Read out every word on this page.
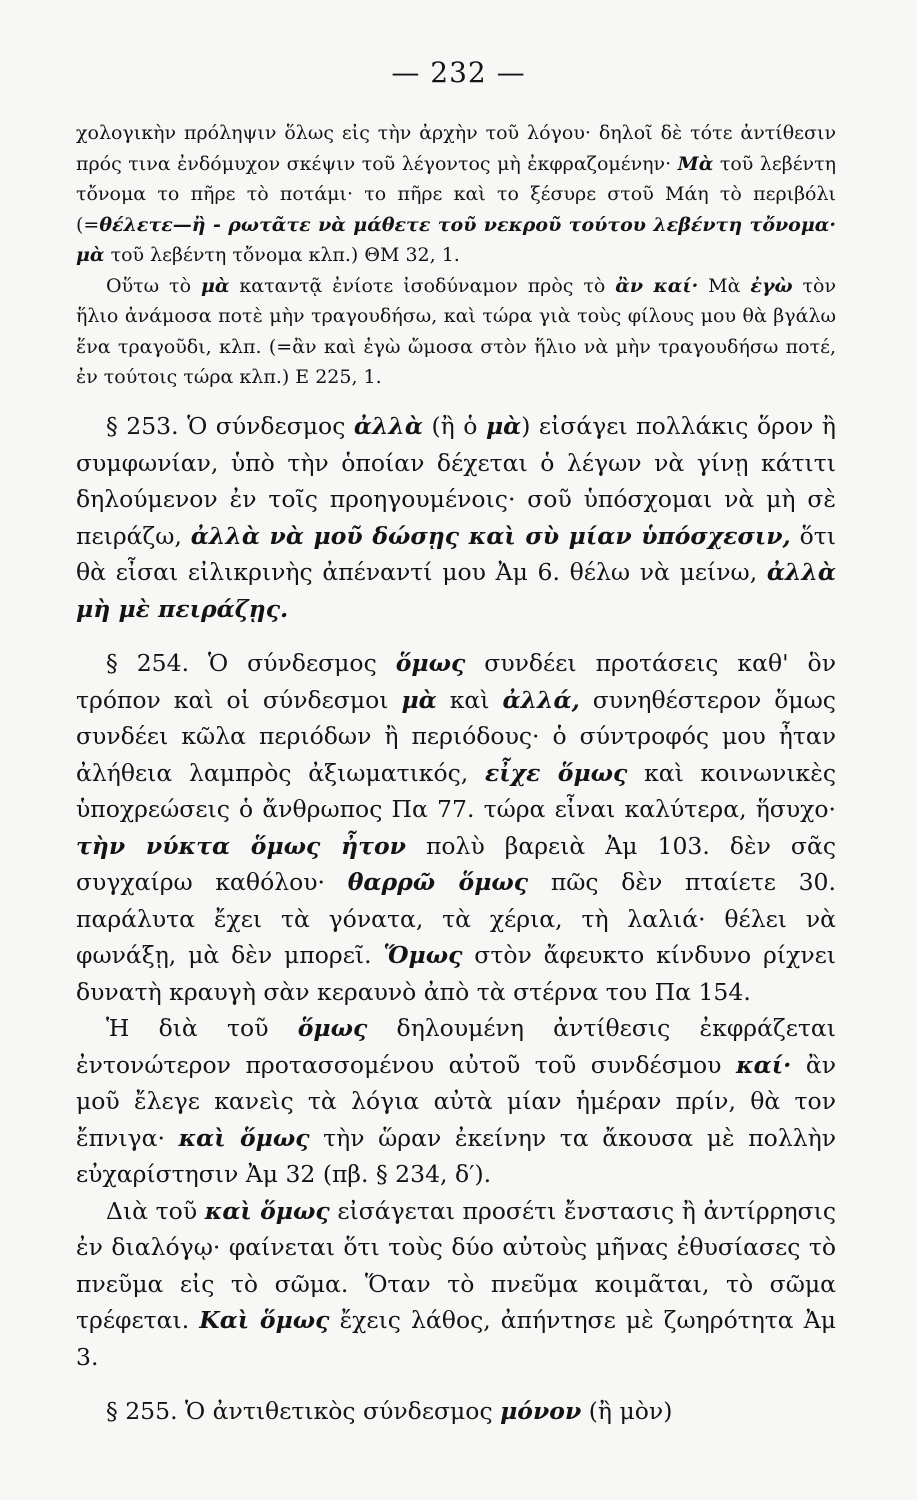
— 232 —

χολογικὴν πρόληψιν ὅλως εἰς τὴν ἀρχὴν τοῦ λόγου· δηλοῖ δὲ τότε ἀντίθεσιν πρός τινα ἐνδόμυχον σκέψιν τοῦ λέγοντος μὴ ἐκφραζομένην· Μὰ τοῦ λεβέντη τὄνομα το πῆρε τὸ ποτάμι· το πῆρε καὶ το ξέσυρε στοῦ Μάη τὸ περιβόλι (=θέλετε—ἢ - ρωτᾶτε νὰ μάθετε τοῦ νεκροῦ τούτου λεβέντη τὄνομα· μὰ τοῦ λεβέντη τὄνομα κλπ.) ΘΜ 32, 1.

Οὕτω τὸ μὰ καταντᾷ ἐνίοτε ἰσοδύναμον πρὸς τὸ ἂν καί· Μὰ ἐγὼ τὸν ἥλιο ἀνάμοσα ποτὲ μὴν τραγουδήσω, καὶ τώρα γιὰ τοὺς φίλους μου θὰ βγάλω ἕνα τραγοῦδι, κλπ. (=ἂν καὶ ἐγὼ ὤμοσα στὸν ἥλιο νὰ μὴν τραγουδήσω ποτέ, ἐν τούτοις τώρα κλπ.) Ε 225, 1.

§ 253. Ὁ σύνδεσμος ἀλλὰ (ἢ ὁ μὰ) εἰσάγει πολλάκις ὅρον ἢ συμφωνίαν, ὑπὸ τὴν ὁποίαν δέχεται ὁ λέγων νὰ γίνῃ κάτιτι δηλούμενον ἐν τοῖς προηγουμένοις· σοῦ ὑπόσχομαι νὰ μὴ σὲ πειράζω, ἀλλὰ νὰ μοῦ δώσῃς καὶ σὺ μίαν ὑπόσχεσιν, ὅτι θὰ εἶσαι εἰλικρινὴς ἀπέναντί μου Ἀμ 6. θέλω νὰ μείνω, ἀλλὰ μὴ μὲ πειράζῃς.

§ 254. Ὁ σύνδεσμος ὅμως συνδέει προτάσεις καθ' ὃν τρόπον καὶ οἱ σύνδεσμοι μὰ καὶ ἀλλά, συνηθέστερον ὅμως συνδέει κῶλα περιόδων ἢ περιόδους· ὁ σύντροφός μου ἦταν ἀλήθεια λαμπρὸς ἀξιωματικός, εἶχε ὅμως καὶ κοινωνικὲς ὑποχρεώσεις ὁ ἄνθρωπος Πα 77. τώρα εἶναι καλύτερα, ἥσυχο· τὴν νύκτα ὅμως ἦτον πολὺ βαρειὰ Ἀμ 103. δὲν σᾶς συγχαίρω καθόλου· θαρρῶ ὅμως πῶς δὲν πταίετε 30. παράλυτα ἔχει τὰ γόνατα, τὰ χέρια, τὴ λαλιά· θέλει νὰ φωνάξῃ, μὰ δὲν μπορεῖ. Ὅμως στὸν ἄφευκτο κίνδυνο ρίχνει δυνατὴ κραυγὴ σὰν κεραυνὸ ἀπὸ τὰ στέρνα του Πα 154.

Ἡ διὰ τοῦ ὅμως δηλουμένη ἀντίθεσις ἐκφράζεται ἐντονώτερον προτασσομένου αὐτοῦ τοῦ συνδέσμου καί· ἂν μοῦ ἔλεγε κανεὶς τὰ λόγια αὐτὰ μίαν ἡμέραν πρίν, θὰ τον ἔπνιγα· καὶ ὅμως τὴν ὥραν ἐκείνην τα ἄκουσα μὲ πολλὴν εὐχαρίστησιν Ἀμ 32 (πβ. § 234, δ′).

Διὰ τοῦ καὶ ὅμως εἰσάγεται προσέτι ἔνστασις ἢ ἀντίρρησις ἐν διαλόγῳ· φαίνεται ὅτι τοὺς δύο αὐτοὺς μῆνας ἐθυσίασες τὸ πνεῦμα εἰς τὸ σῶμα. Ὅταν τὸ πνεῦμα κοιμᾶται, τὸ σῶμα τρέφεται. Καὶ ὅμως ἔχεις λάθος, ἀπήντησε μὲ ζωηρότητα Ἀμ 3.

§ 255. Ὁ ἀντιθετικὸς σύνδεσμος μόνον (ἢ μὸν)
